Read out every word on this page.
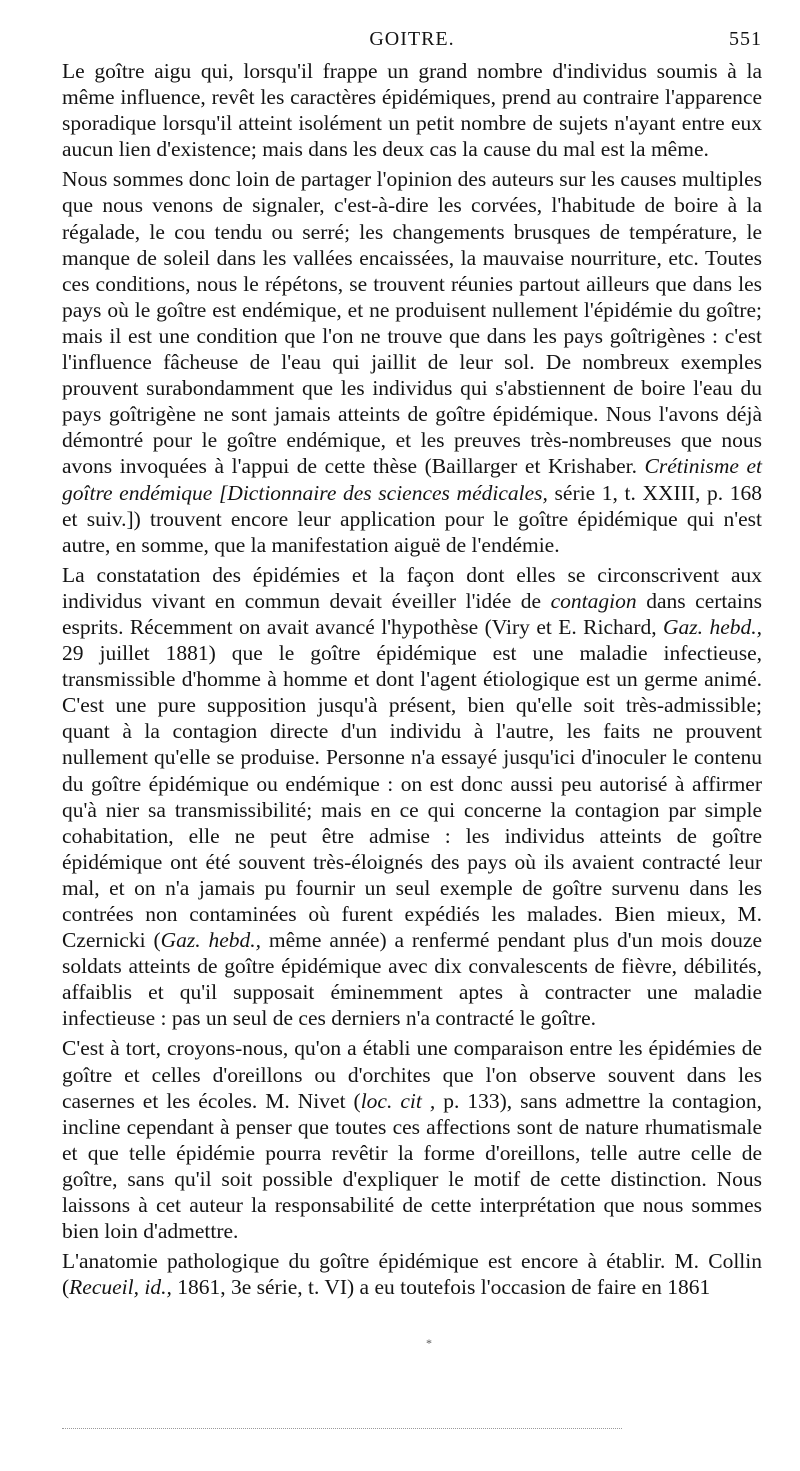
GOITRE.	551

Le goître aigu qui, lorsqu'il frappe un grand nombre d'individus soumis à la même influence, revêt les caractères épidémiques, prend au contraire l'apparence sporadique lorsqu'il atteint isolément un petit nombre de sujets n'ayant entre eux aucun lien d'existence; mais dans les deux cas la cause du mal est la même.

Nous sommes donc loin de partager l'opinion des auteurs sur les causes multiples que nous venons de signaler, c'est-à-dire les corvées, l'habitude de boire à la régalade, le cou tendu ou serré; les changements brusques de température, le manque de soleil dans les vallées encaissées, la mauvaise nourriture, etc. Toutes ces conditions, nous le répétons, se trouvent réunies partout ailleurs que dans les pays où le goître est endémique, et ne produisent nullement l'épidémie du goître; mais il est une condition que l'on ne trouve que dans les pays goîtrigènes : c'est l'influence fâcheuse de l'eau qui jaillit de leur sol. De nombreux exemples prouvent surabondamment que les individus qui s'abstiennent de boire l'eau du pays goîtrigène ne sont jamais atteints de goître épidémique. Nous l'avons déjà démontré pour le goître endémique, et les preuves très-nombreuses que nous avons invoquées à l'appui de cette thèse (Baillarger et Krishaber. Crétinisme et goître endémique [Dictionnaire des sciences médicales, série 1, t. XXIII, p. 168 et suiv.]) trouvent encore leur application pour le goître épidémique qui n'est autre, en somme, que la manifestation aiguë de l'endémie.

La constatation des épidémies et la façon dont elles se circonscrivent aux individus vivant en commun devait éveiller l'idée de contagion dans certains esprits. Récemment on avait avancé l'hypothèse (Viry et E. Richard, Gaz. hebd., 29 juillet 1881) que le goître épidémique est une maladie infectieuse, transmissible d'homme à homme et dont l'agent étiologique est un germe animé. C'est une pure supposition jusqu'à présent, bien qu'elle soit très-admissible; quant à la contagion directe d'un individu à l'autre, les faits ne prouvent nullement qu'elle se produise. Personne n'a essayé jusqu'ici d'inoculer le contenu du goître épidémique ou endémique : on est donc aussi peu autorisé à affirmer qu'à nier sa transmissibilité; mais en ce qui concerne la contagion par simple cohabitation, elle ne peut être admise : les individus atteints de goître épidémique ont été souvent très-éloignés des pays où ils avaient contracté leur mal, et on n'a jamais pu fournir un seul exemple de goître survenu dans les contrées non contaminées où furent expédiés les malades. Bien mieux, M. Czernicki (Gaz. hebd., même année) a renfermé pendant plus d'un mois douze soldats atteints de goître épidémique avec dix convalescents de fièvre, débilités, affaiblis et qu'il supposait éminemment aptes à contracter une maladie infectieuse : pas un seul de ces derniers n'a contracté le goître.

C'est à tort, croyons-nous, qu'on a établi une comparaison entre les épidémies de goître et celles d'oreillons ou d'orchites que l'on observe souvent dans les casernes et les écoles. M. Nivet (loc. cit , p. 133), sans admettre la contagion, incline cependant à penser que toutes ces affections sont de nature rhumatismale et que telle épidémie pourra revêtir la forme d'oreillons, telle autre celle de goître, sans qu'il soit possible d'expliquer le motif de cette distinction. Nous laissons à cet auteur la responsabilité de cette interprétation que nous sommes bien loin d'admettre.

L'anatomie pathologique du goître épidémique est encore à établir. M. Collin (Recueil, id., 1861, 3e série, t. VI) a eu toutefois l'occasion de faire en 1861

*
